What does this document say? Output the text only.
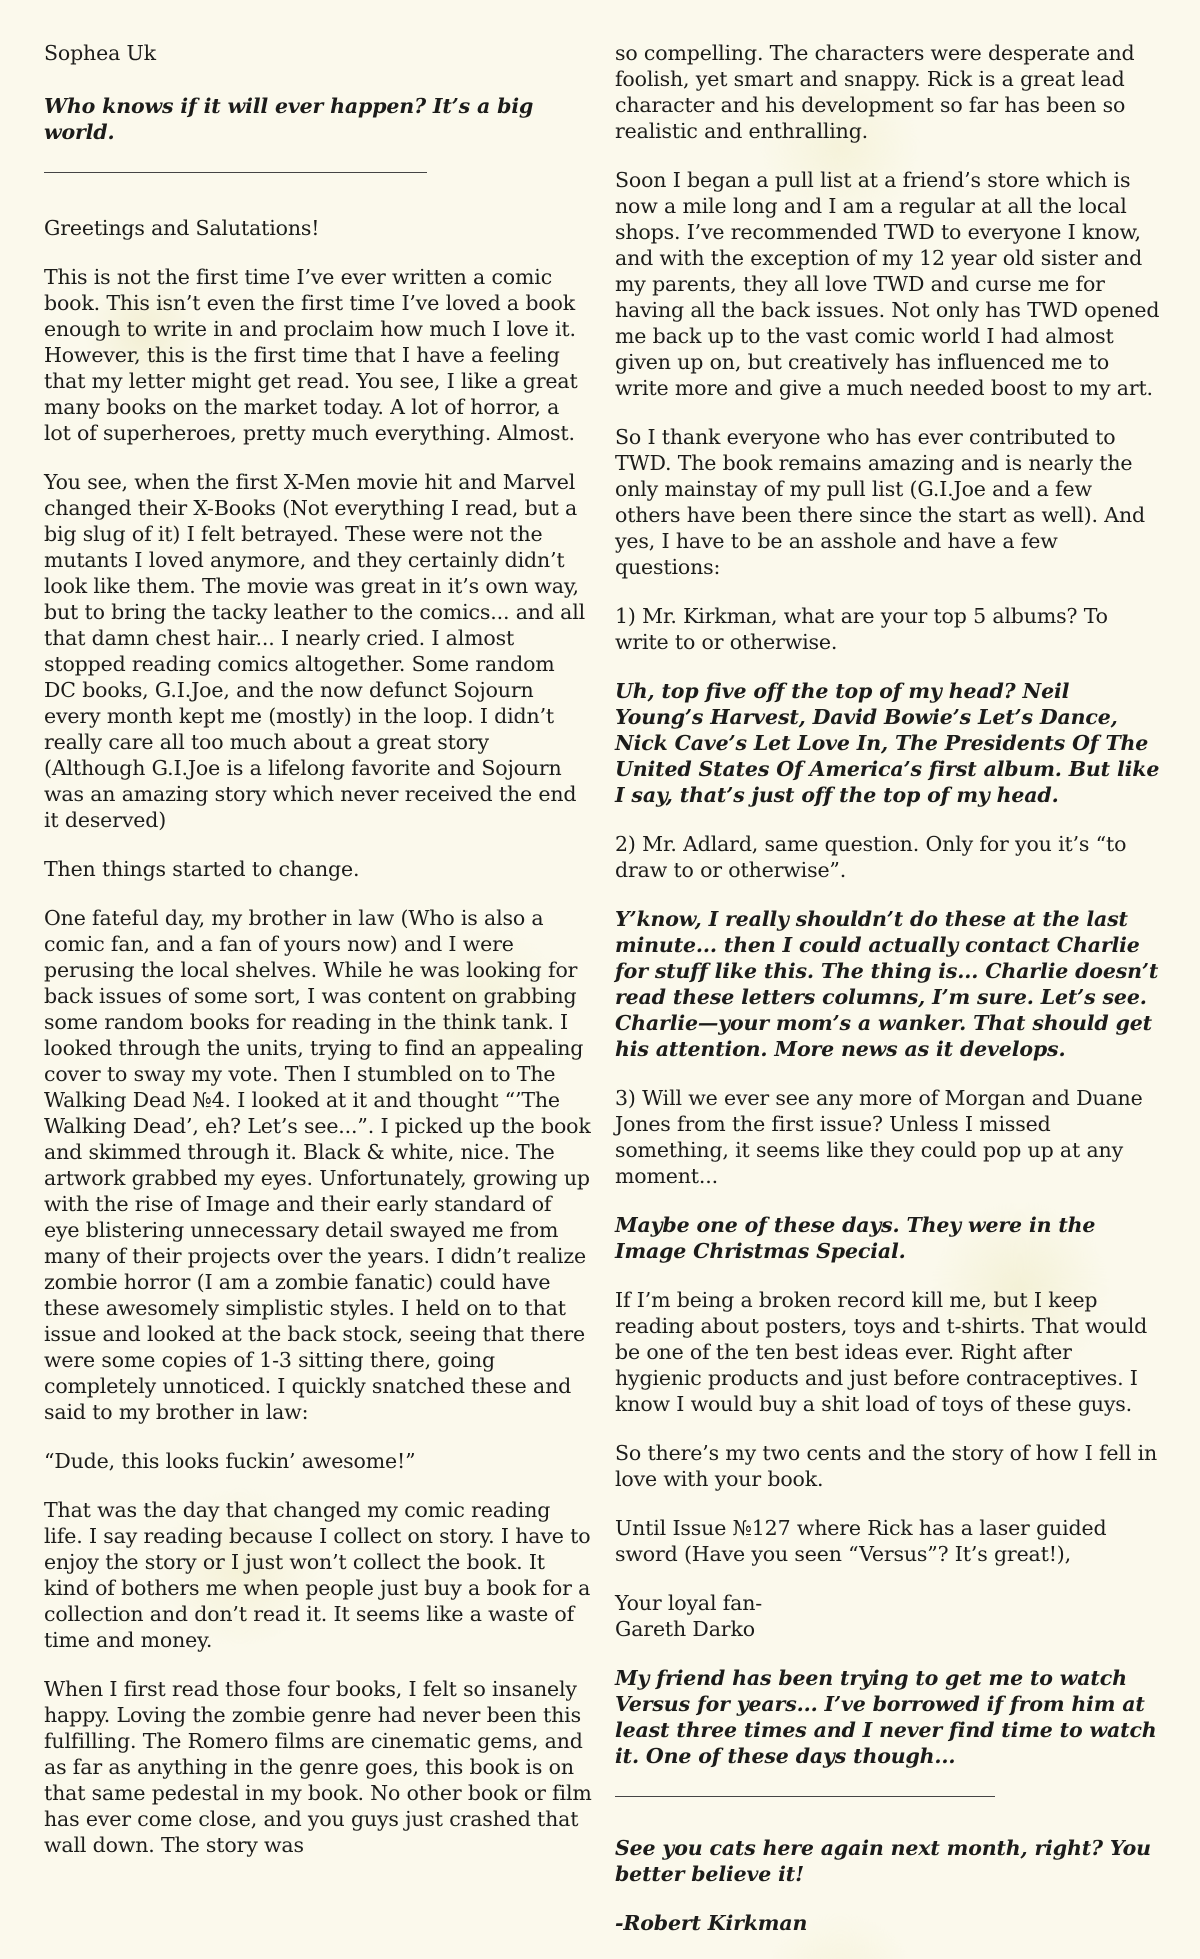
Sophea Uk

Who knows if it will ever happen? It’s a big world.

Greetings and Salutations!

This is not the first time I’ve ever written a comic book. This isn’t even the first time I’ve loved a book enough to write in and proclaim how much I love it. However, this is the first time that I have a feeling that my letter might get read. You see, I like a great many books on the market today. A lot of horror, a lot of superheroes, pretty much everything. Almost.

You see, when the first X-Men movie hit and Marvel changed their X-Books (Not everything I read, but a big slug of it) I felt betrayed. These were not the mutants I loved anymore, and they certainly didn’t look like them. The movie was great in it’s own way, but to bring the tacky leather to the comics... and all that damn chest hair... I nearly cried. I almost stopped reading comics altogether. Some random DC books, G.I.Joe, and the now defunct Sojourn every month kept me (mostly) in the loop. I didn’t really care all too much about a great story (Although G.I.Joe is a lifelong favorite and Sojourn was an amazing story which never received the end it deserved)

Then things started to change.

One fateful day, my brother in law (Who is also a comic fan, and a fan of yours now) and I were perusing the local shelves. While he was looking for back issues of some sort, I was content on grabbing some random books for reading in the think tank. I looked through the units, trying to find an appealing cover to sway my vote. Then I stumbled on to The Walking Dead №4. I looked at it and thought “’The Walking Dead’, eh? Let’s see...”. I picked up the book and skimmed through it. Black & white, nice. The artwork grabbed my eyes. Unfortunately, growing up with the rise of Image and their early standard of eye blistering unnecessary detail swayed me from many of their projects over the years. I didn’t realize zombie horror (I am a zombie fanatic) could have these awesomely simplistic styles. I held on to that issue and looked at the back stock, seeing that there were some copies of 1-3 sitting there, going completely unnoticed. I quickly snatched these and said to my brother in law:

“Dude, this looks fuckin’ awesome!”

That was the day that changed my comic reading life. I say reading because I collect on story. I have to enjoy the story or I just won’t collect the book. It kind of bothers me when people just buy a book for a collection and don’t read it. It seems like a waste of time and money.

When I first read those four books, I felt so insanely happy. Loving the zombie genre had never been this fulfilling. The Romero films are cinematic gems, and as far as anything in the genre goes, this book is on that same pedestal in my book. No other book or film has ever come close, and you guys just crashed that wall down. The story was

so compelling. The characters were desperate and foolish, yet smart and snappy. Rick is a great lead character and his development so far has been so realistic and enthralling.

Soon I began a pull list at a friend’s store which is now a mile long and I am a regular at all the local shops. I’ve recommended TWD to everyone I know, and with the exception of my 12 year old sister and my parents, they all love TWD and curse me for having all the back issues. Not only has TWD opened me back up to the vast comic world I had almost given up on, but creatively has influenced me to write more and give a much needed boost to my art.

So I thank everyone who has ever contributed to TWD. The book remains amazing and is nearly the only mainstay of my pull list (G.I.Joe and a few others have been there since the start as well). And yes, I have to be an asshole and have a few questions:

1) Mr. Kirkman, what are your top 5 albums? To write to or otherwise.

Uh, top five off the top of my head? Neil Young’s Harvest, David Bowie’s Let’s Dance, Nick Cave’s Let Love In, The Presidents Of The United States Of America’s first album. But like I say, that’s just off the top of my head.

2) Mr. Adlard, same question. Only for you it’s “to draw to or otherwise”.

Y’know, I really shouldn’t do these at the last minute... then I could actually contact Charlie for stuff like this. The thing is... Charlie doesn’t read these letters columns, I’m sure. Let’s see. Charlie—your mom’s a wanker. That should get his attention. More news as it develops.

3) Will we ever see any more of Morgan and Duane Jones from the first issue? Unless I missed something, it seems like they could pop up at any moment...

Maybe one of these days. They were in the Image Christmas Special.

If I’m being a broken record kill me, but I keep reading about posters, toys and t-shirts. That would be one of the ten best ideas ever. Right after hygienic products and just before contraceptives. I know I would buy a shit load of toys of these guys.

So there’s my two cents and the story of how I fell in love with your book.

Until Issue №127 where Rick has a laser guided sword (Have you seen “Versus”? It’s great!),

Your loyal fan-
Gareth Darko

My friend has been trying to get me to watch Versus for years... I’ve borrowed if from him at least three times and I never find time to watch it. One of these days though...

See you cats here again next month, right? You better believe it!

-Robert Kirkman
